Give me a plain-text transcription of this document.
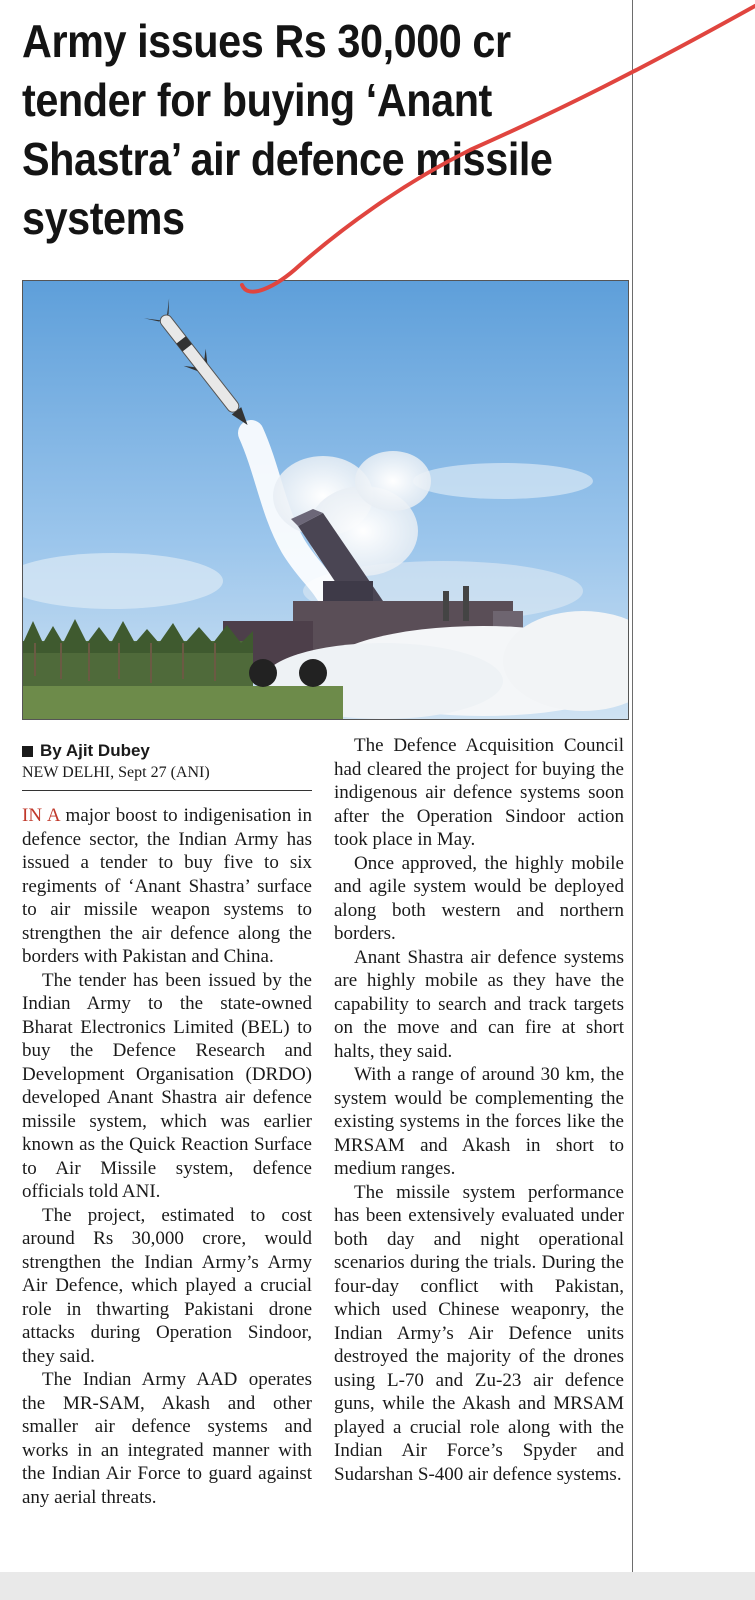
Army issues Rs 30,000 cr tender for buying ‘Anant Shastra’ air defence missile systems
By Ajit Dubey
NEW DELHI, Sept 27 (ANI)

IN A major boost to indigenisation in defence sector, the Indian Army has issued a tender to buy five to six regiments of ‘Anant Shastra’ surface to air missile weapon systems to strengthen the air defence along the borders with Pakistan and China.

The tender has been issued by the Indian Army to the state-owned Bharat Electronics Limited (BEL) to buy the Defence Research and Development Organisation (DRDO) developed Anant Shastra air defence missile system, which was earlier known as the Quick Reaction Surface to Air Missile system, defence officials told ANI.

The project, estimated to cost around Rs 30,000 crore, would strengthen the Indian Army’s Army Air Defence, which played a crucial role in thwarting Pakistani drone attacks during Operation Sindoor, they said.

The Indian Army AAD operates the MR-SAM, Akash and other smaller air defence systems and works in an integrated manner with the Indian Air Force to guard against any aerial threats.

The Defence Acquisition Council had cleared the project for buying the indigenous air defence systems soon after the Operation Sindoor action took place in May.

Once approved, the highly mobile and agile system would be deployed along both western and northern borders.

Anant Shastra air defence systems are highly mobile as they have the capability to search and track targets on the move and can fire at short halts, they said.

With a range of around 30 km, the system would be complementing the existing systems in the forces like the MRSAM and Akash in short to medium ranges.

The missile system performance has been extensively evaluated under both day and night operational scenarios during the trials. During the four-day conflict with Pakistan, which used Chinese weaponry, the Indian Army’s Air Defence units destroyed the majority of the drones using L-70 and Zu-23 air defence guns, while the Akash and MRSAM played a crucial role along with the Indian Air Force’s Spyder and Sudarshan S-400 air defence systems.
